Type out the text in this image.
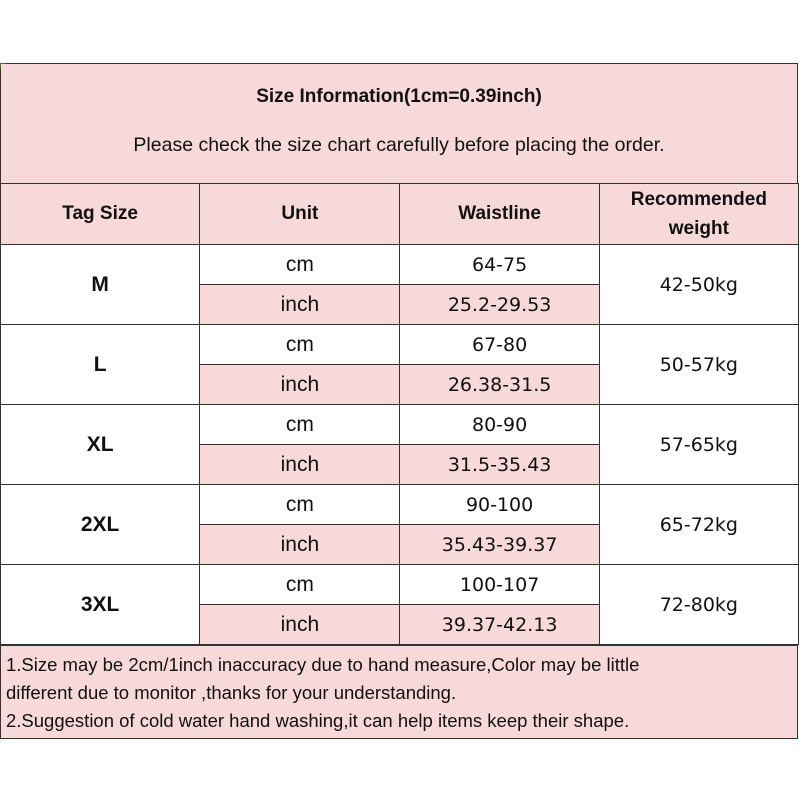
Size Information(1cm=0.39inch)
Please check the size chart carefully before placing the order.
Tag Size	Unit	Waistline	Recommended weight
M	cm	64-75	42-50kg
	inch	25.2-29.53	
L	cm	67-80	50-57kg
	inch	26.38-31.5	
XL	cm	80-90	57-65kg
	inch	31.5-35.43	
2XL	cm	90-100	65-72kg
	inch	35.43-39.37	
3XL	cm	100-107	72-80kg
	inch	39.37-42.13	

1.Size may be 2cm/1inch inaccuracy due to hand measure,Color may be little

different due to monitor ,thanks for your understanding.

2.Suggestion of cold water hand washing,it can help items keep their shape.
